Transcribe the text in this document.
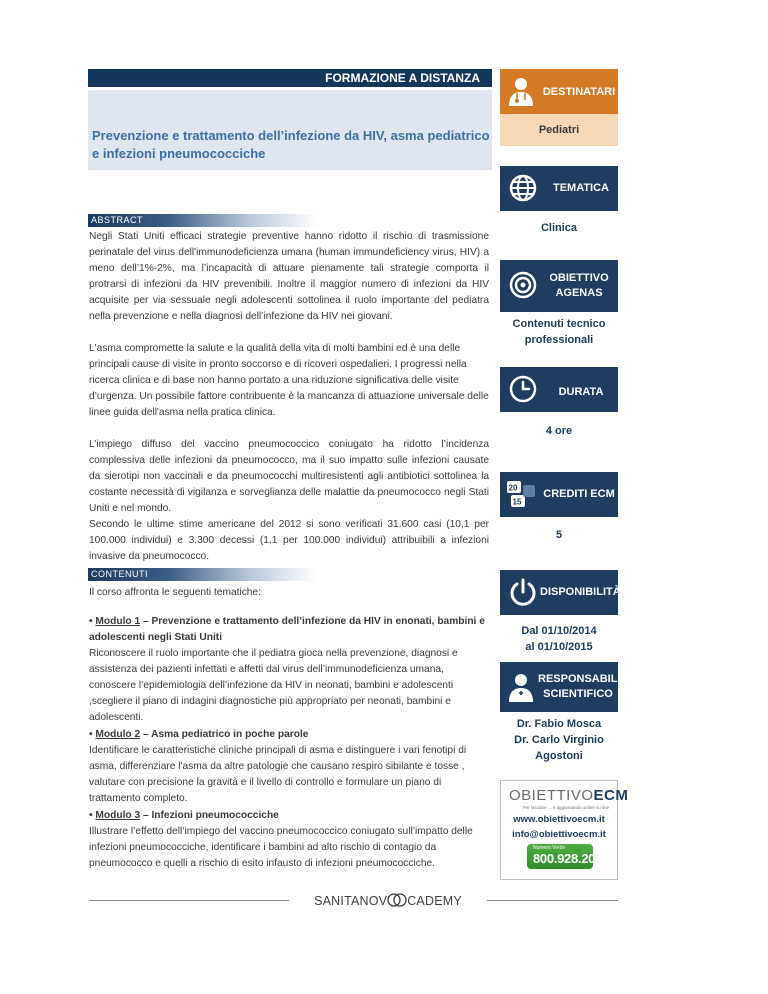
FORMAZIONE A DISTANZA
Prevenzione e trattamento dell’infezione da HIV, asma pediatrico e infezioni pneumococciche
ABSTRACT

Negli Stati Uniti efficaci strategie preventive hanno ridotto il rischio di trasmissione perinatale del virus dell'immunodeficienza umana (human immundeficiency virus, HIV) a meno dell’1%-2%, ma l’incapacità di attuare pienamente tali strategie comporta il protrarsi di infezioni da HIV prevenibili. Inoltre il maggior numero di infezioni da HIV acquisite per via sessuale negli adolescenti sottolinea il ruolo importante del pediatra nella prevenzione e nella diagnosi dell’infezione da HIV nei giovani.

L'asma compromette la salute e la qualità della vita di molti bambini ed è una delle principali cause di visite in pronto soccorso e di ricoveri ospedalieri. I progressi nella ricerca clinica e di base non hanno portato a una riduzione significativa delle visite d’urgenza. Un possibile fattore contribuente è la mancanza di attuazione universale delle linee guida dell'asma nella pratica clinica.

L’impiego diffuso del vaccino pneumococcico coniugato ha ridotto l’incidenza complessiva delle infezioni da pneumococco, ma il suo impatto sulle infezioni causate da sierotipi non vaccinali e da pneumococchi multiresistenti agli antibiotici sottolinea la costante necessità di vigilanza e sorveglianza delle malattie da pneumococco negli Stati Uniti e nel mondo.

Secondo le ultime stime americane del 2012 si sono verificati 31.600 casi (10,1 per 100.000 individui) e 3.300 decessi (1,1 per 100.000 individui) attribuibili a infezioni invasive da pneumococco.

CONTENUTI
Il corso affronta le seguenti tematiche:
• Modulo 1 – Prevenzione e trattamento dell’infezione da HIV in enonati, bambini e adolescenti negli Stati Uniti
Riconoscere il ruolo importante che il pediatra gioca nella prevenzione, diagnosi e assistenza dei pazienti infettati e affetti dal virus dell’immunodeficienza umana, conoscere l’epidemiologia dell’infezione da HIV in neonati, bambini e adolescenti ,scegliere il piano di indagini diagnostiche più appropriato per neonati, bambini e adolescenti.
• Modulo 2 – Asma pediatrico in poche parole
Identificare le caratteristiche cliniche principali di asma e distinguere i vari fenotipi di asma, differenziare l'asma da altre patologie che causano respiro sibilante e tosse , valutare con precisione la gravità e il livello di controllo e formulare un piano di trattamento completo.
• Modulo 3 – Infezioni pneumococciche
Illustrare l’effetto dell’impiego del vaccino pneumococcico coniugato sull’impatto delle infezioni pneumococciche, identificare i bambini ad alto rischio di contagio da pneumococco e quelli a rischio di esito infausto di infezioni pneumococciche.
DESTINATARI
Pediatri
TEMATICA
Clinica
OBIETTIVO
AGENAS
Contenuti tecnico
professionali
DURATA
4 ore
20
15
CREDITI ECM
5
DISPONIBILITÀ
Dal 01/10/2014
al 01/10/2015
RESPONSABILE
SCIENTIFICO
Dr. Fabio Mosca
Dr. Carlo Virginio
Agostoni
OBIETTIVOECM
Per lasciare ... e aggiornando online su line
www.obiettivoecm.it
info@obiettivoecm.it
Numero Verde
800.928.200
SANITANOV CADEMY
